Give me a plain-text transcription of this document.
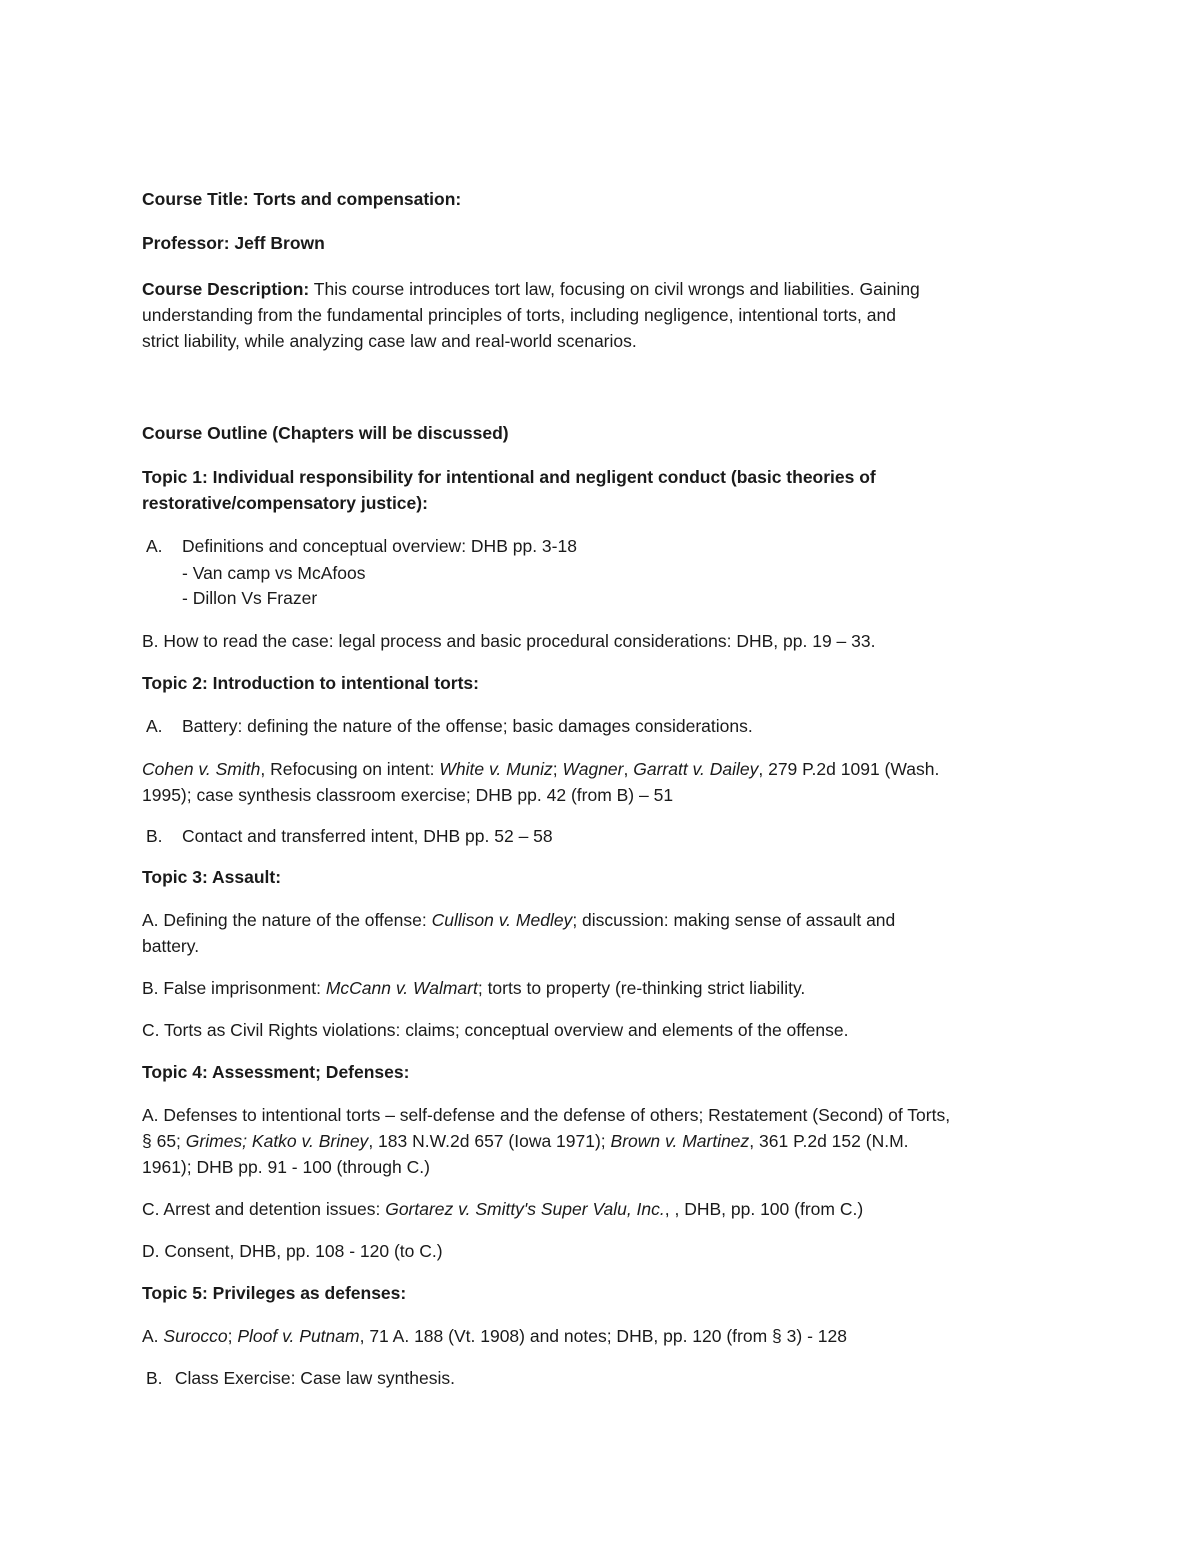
Course Title: Torts and compensation:

Professor: Jeff Brown

Course Description: This course introduces tort law, focusing on civil wrongs and liabilities. Gaining
understanding from the fundamental principles of torts, including negligence, intentional torts, and
strict liability, while analyzing case law and real-world scenarios.

Course Outline (Chapters will be discussed)

Topic 1: Individual responsibility for intentional and negligent conduct (basic theories of
restorative/compensatory justice):

A. Definitions and conceptual overview: DHB pp. 3-18

- Van camp vs McAfoos

- Dillon Vs Frazer

B. How to read the case: legal process and basic procedural considerations: DHB, pp. 19 – 33.

Topic 2: Introduction to intentional torts:

A. Battery: defining the nature of the offense; basic damages considerations.

Cohen v. Smith, Refocusing on intent: White v. Muniz; Wagner, Garratt v. Dailey, 279 P.2d 1091 (Wash.
1995); case synthesis classroom exercise; DHB pp. 42 (from B) – 51

B. Contact and transferred intent, DHB pp. 52 – 58

Topic 3: Assault:

A. Defining the nature of the offense: Cullison v. Medley; discussion: making sense of assault and
battery.

B. False imprisonment: McCann v. Walmart; torts to property (re-thinking strict liability.

C. Torts as Civil Rights violations: claims; conceptual overview and elements of the offense.

Topic 4: Assessment; Defenses:

A. Defenses to intentional torts – self-defense and the defense of others; Restatement (Second) of Torts,
§ 65; Grimes; Katko v. Briney, 183 N.W.2d 657 (Iowa 1971); Brown v. Martinez, 361 P.2d 152 (N.M.
1961); DHB pp. 91 - 100 (through C.)

C. Arrest and detention issues: Gortarez v. Smitty's Super Valu, Inc., , DHB, pp. 100 (from C.)

D. Consent, DHB, pp. 108 - 120 (to C.)

Topic 5: Privileges as defenses:

A. Surocco; Ploof v. Putnam, 71 A. 188 (Vt. 1908) and notes; DHB, pp. 120 (from § 3) - 128

B. Class Exercise: Case law synthesis.
